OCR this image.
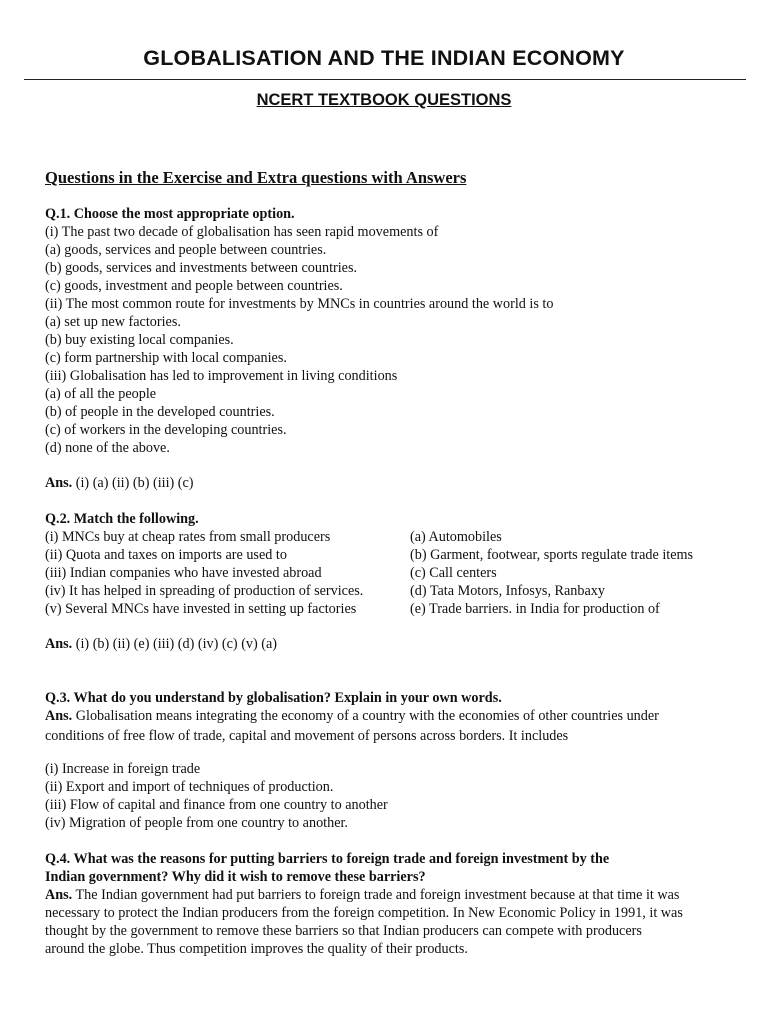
GLOBALISATION AND THE INDIAN ECONOMY
NCERT TEXTBOOK QUESTIONS
Questions in the Exercise and Extra questions with Answers
Q.1. Choose the most appropriate option.
(i) The past two decade of globalisation has seen rapid movements of
(a) goods, services and people between countries.
(b) goods, services and investments between countries.
(c) goods, investment and people between countries.
(ii) The most common route for investments by MNCs in countries around the world is to
(a) set up new factories.
(b) buy existing local companies.
(c) form partnership with local companies.
(iii) Globalisation has led to improvement in living conditions
(a) of all the people
(b) of people in the developed countries.
(c) of workers in the developing countries.
(d) none of the above.
Ans. (i) (a) (ii) (b) (iii) (c)
Q.2. Match the following.
(i) MNCs buy at cheap rates from small producers
(ii) Quota and taxes on imports are used to
(iii) Indian companies who have invested abroad
(iv) It has helped in spreading of production of services.
(v) Several MNCs have invested in setting up factories
(a) Automobiles
(b) Garment, footwear, sports regulate trade items
(c) Call centers
(d) Tata Motors, Infosys, Ranbaxy
(e) Trade barriers. in India for production of
Ans. (i) (b) (ii) (e) (iii) (d) (iv) (c) (v) (a)
Q.3. What do you understand by globalisation? Explain in your own words.
Ans. Globalisation means integrating the economy of a country with the economies of other countries under
conditions of free flow of trade, capital and movement of persons across borders. It includes
(i) Increase in foreign trade
(ii) Export and import of techniques of production.
(iii) Flow of capital and finance from one country to another
(iv) Migration of people from one country to another.
Q.4. What was the reasons for putting barriers to foreign trade and foreign investment by the
Indian government? Why did it wish to remove these barriers?
Ans. The Indian government had put barriers to foreign trade and foreign investment because at that time it was
necessary to protect the Indian producers from the foreign competition. In New Economic Policy in 1991, it was
thought by the government to remove these barriers so that Indian producers can compete with producers
around the globe. Thus competition improves the quality of their products.
